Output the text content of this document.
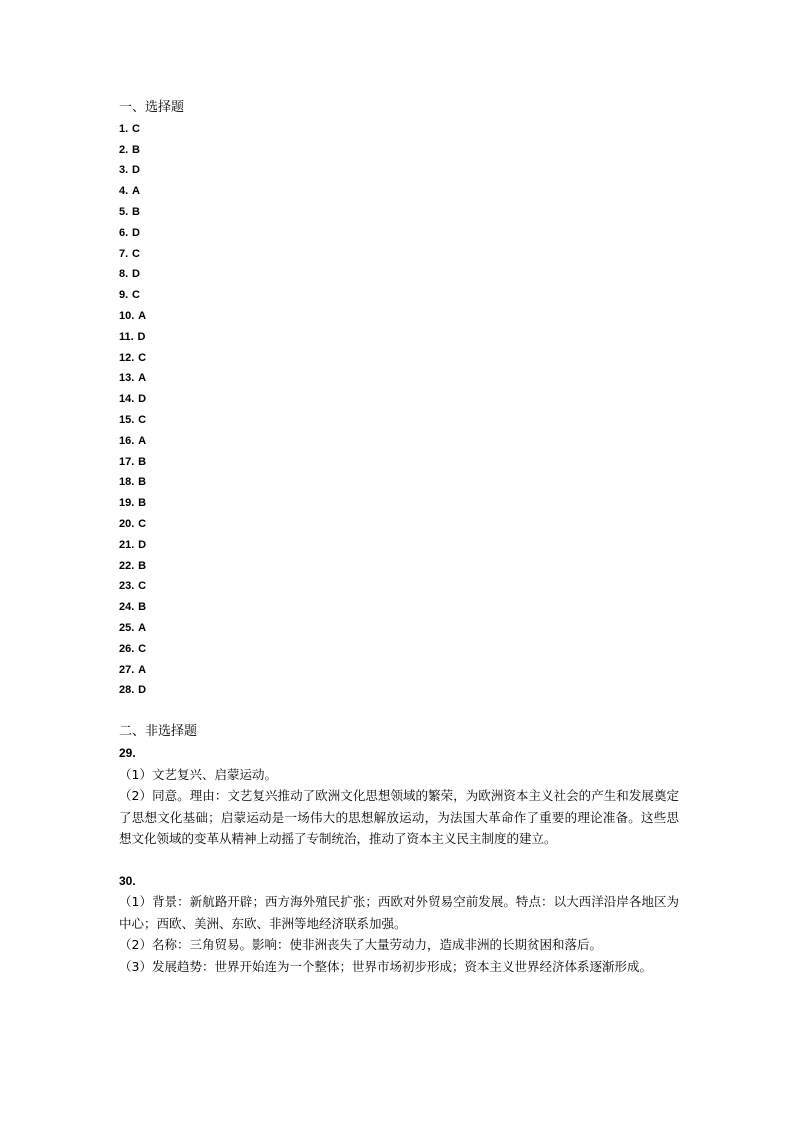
一、选择题
1. C
2. B
3. D
4. A
5. B
6. D
7. C
8. D
9. C
10. A
11. D
12. C
13. A
14. D
15. C
16. A
17. B
18. B
19. B
20. C
21. D
22. B
23. C
24. B
25. A
26. C
27. A
28. D
二、非选择题
29.
（1）文艺复兴、启蒙运动。
（2）同意。理由：文艺复兴推动了欧洲文化思想领域的繁荣，为欧洲资本主义社会的产生和发展奠定了思想文化基础；启蒙运动是一场伟大的思想解放运动，为法国大革命作了重要的理论准备。这些思想文化领域的变革从精神上动摇了专制统治，推动了资本主义民主制度的建立。
30.
（1）背景：新航路开辟；西方海外殖民扩张；西欧对外贸易空前发展。特点：以大西洋沿岸各地区为中心；西欧、美洲、东欧、非洲等地经济联系加强。
（2）名称：三角贸易。影响：使非洲丧失了大量劳动力，造成非洲的长期贫困和落后。
（3）发展趋势：世界开始连为一个整体；世界市场初步形成；资本主义世界经济体系逐渐形成。
